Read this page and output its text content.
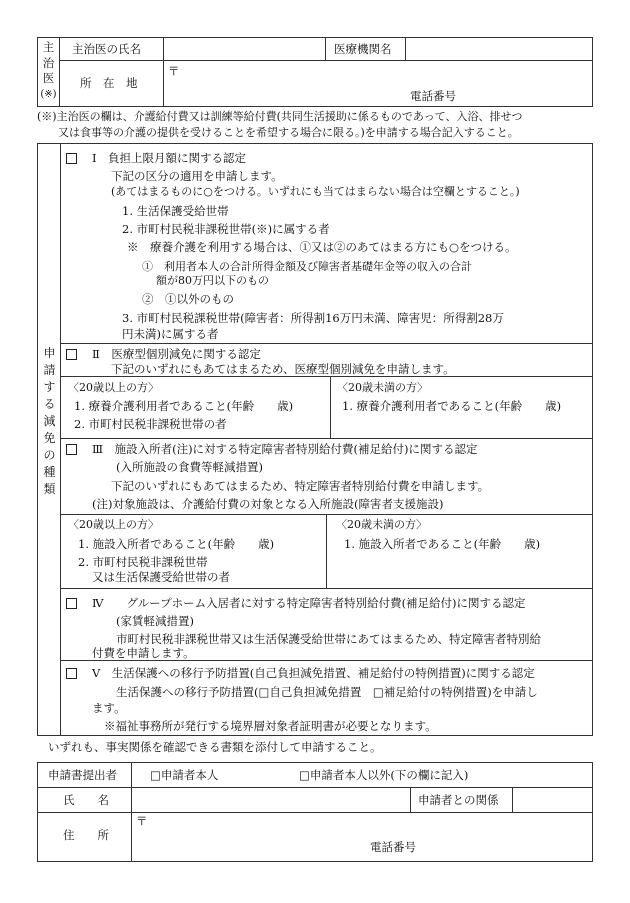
主
治
医
(※)
主治医の氏名	医療機関名
所　在　地
〒
電話番号
(※)主治医の欄は、介護給付費又は訓練等給付費(共同生活援助に係るものであって、入浴、排せつ
又は食事等の介護の提供を受けることを希望する場合に限る。)を申請する場合記入すること。
申
請
す
る
減
免
の
種
類
Ⅰ　負担上限月額に関する認定
下記の区分の適用を申請します。
(あてはまるものに○をつける。いずれにも当てはまらない場合は空欄とすること。)
1. 生活保護受給世帯
2. 市町村民税非課税世帯(※)に属する者
※　療養介護を利用する場合は、①又は②のあてはまる方にも○をつける。
①　利用者本人の合計所得金額及び障害者基礎年金等の収入の合計
額が80万円以下のもの
②　①以外のもの
3. 市町村民税課税世帯(障害者：所得割16万円未満、障害児：所得割28万
円未満)に属する者
Ⅱ　医療型個別減免に関する認定
下記のいずれにもあてはまるため、医療型個別減免を申請します。
〈20歳以上の方〉
1. 療養介護利用者であること(年齢　　歳)
2. 市町村民税非課税世帯の者
〈20歳未満の方〉
1. 療養介護利用者であること(年齢　　歳)
Ⅲ　施設入所者(注)に対する特定障害者特別給付費(補足給付)に関する認定
(入所施設の食費等軽減措置)
下記のいずれにもあてはまるため、特定障害者特別給付費を申請します。
(注)対象施設は、介護給付費の対象となる入所施設(障害者支援施設)
〈20歳以上の方〉
1. 施設入所者であること(年齢　　歳)
2. 市町村民税非課税世帯
又は生活保護受給世帯の者
〈20歳未満の方〉
1. 施設入所者であること(年齢　　歳)
Ⅳ　　グループホーム入居者に対する特定障害者特別給付費(補足給付)に関する認定
(家賃軽減措置)
市町村民税非課税世帯又は生活保護受給世帯にあてはまるため、特定障害者特別給
付費を申請します。
Ⅴ　生活保護への移行予防措置(自己負担減免措置、補足給付の特例措置)に関する認定
生活保護への移行予防措置(□自己負担減免措置　□補足給付の特例措置)を申請し
ます。
※福祉事務所が発行する境界層対象者証明書が必要となります。
いずれも、事実関係を確認できる書類を添付して申請すること。
申請書提出者	□申請者本人	□申請者本人以外(下の欄に記入)
氏　　名	申請者との関係
住　　所
〒
電話番号
